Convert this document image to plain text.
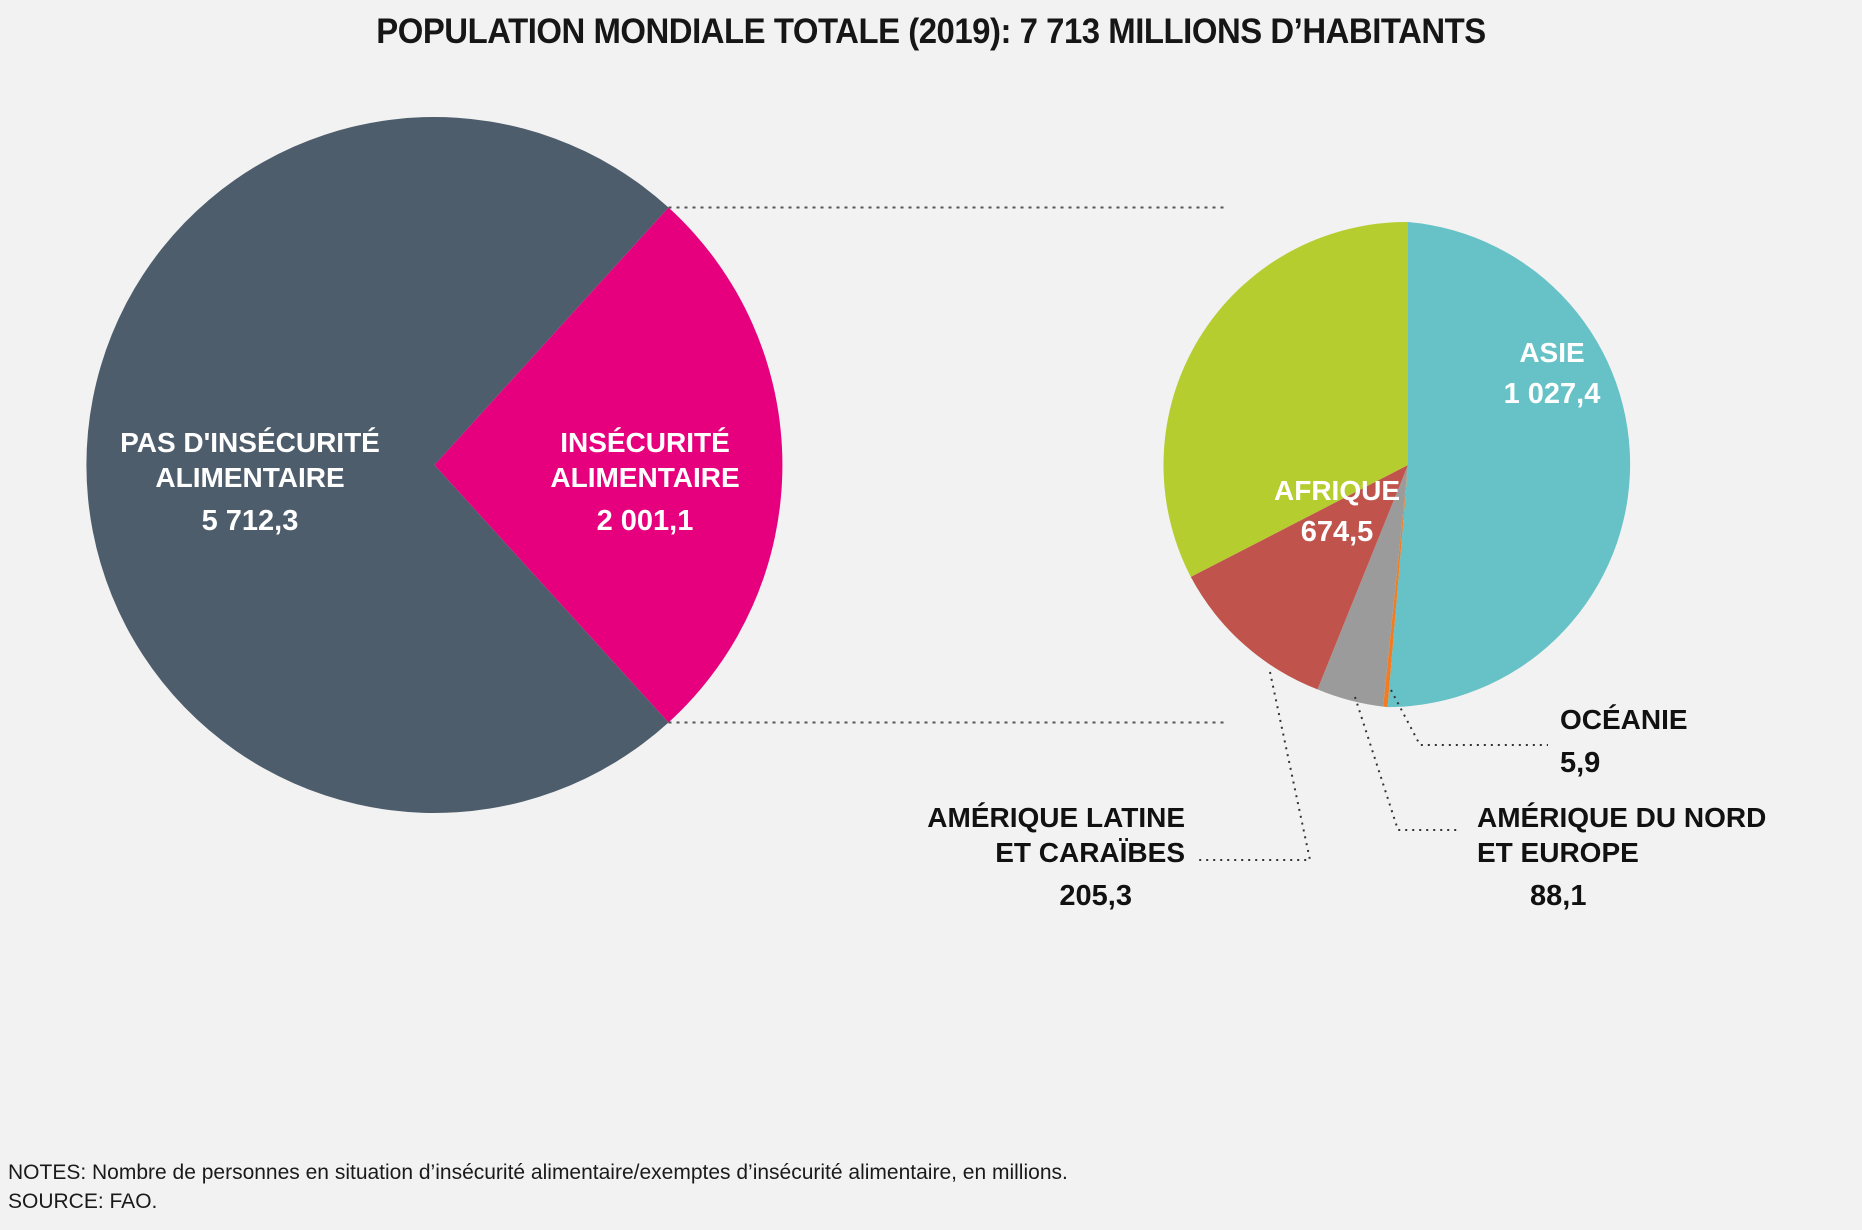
POPULATION MONDIALE TOTALE (2019): 7 713 MILLIONS D’HABITANTS
PAS D'INSÉCURITÉ
ALIMENTAIRE
5 712,3
INSÉCURITÉ
ALIMENTAIRE
2 001,1
ASIE
1 027,4
AFRIQUE
674,5
OCÉANIE
5,9
AMÉRIQUE DU NORD
ET EUROPE
88,1
AMÉRIQUE LATINE
ET CARAÏBES
205,3
NOTES: Nombre de personnes en situation d’insécurité alimentaire/exemptes d’insécurité alimentaire, en millions.
SOURCE: FAO.
